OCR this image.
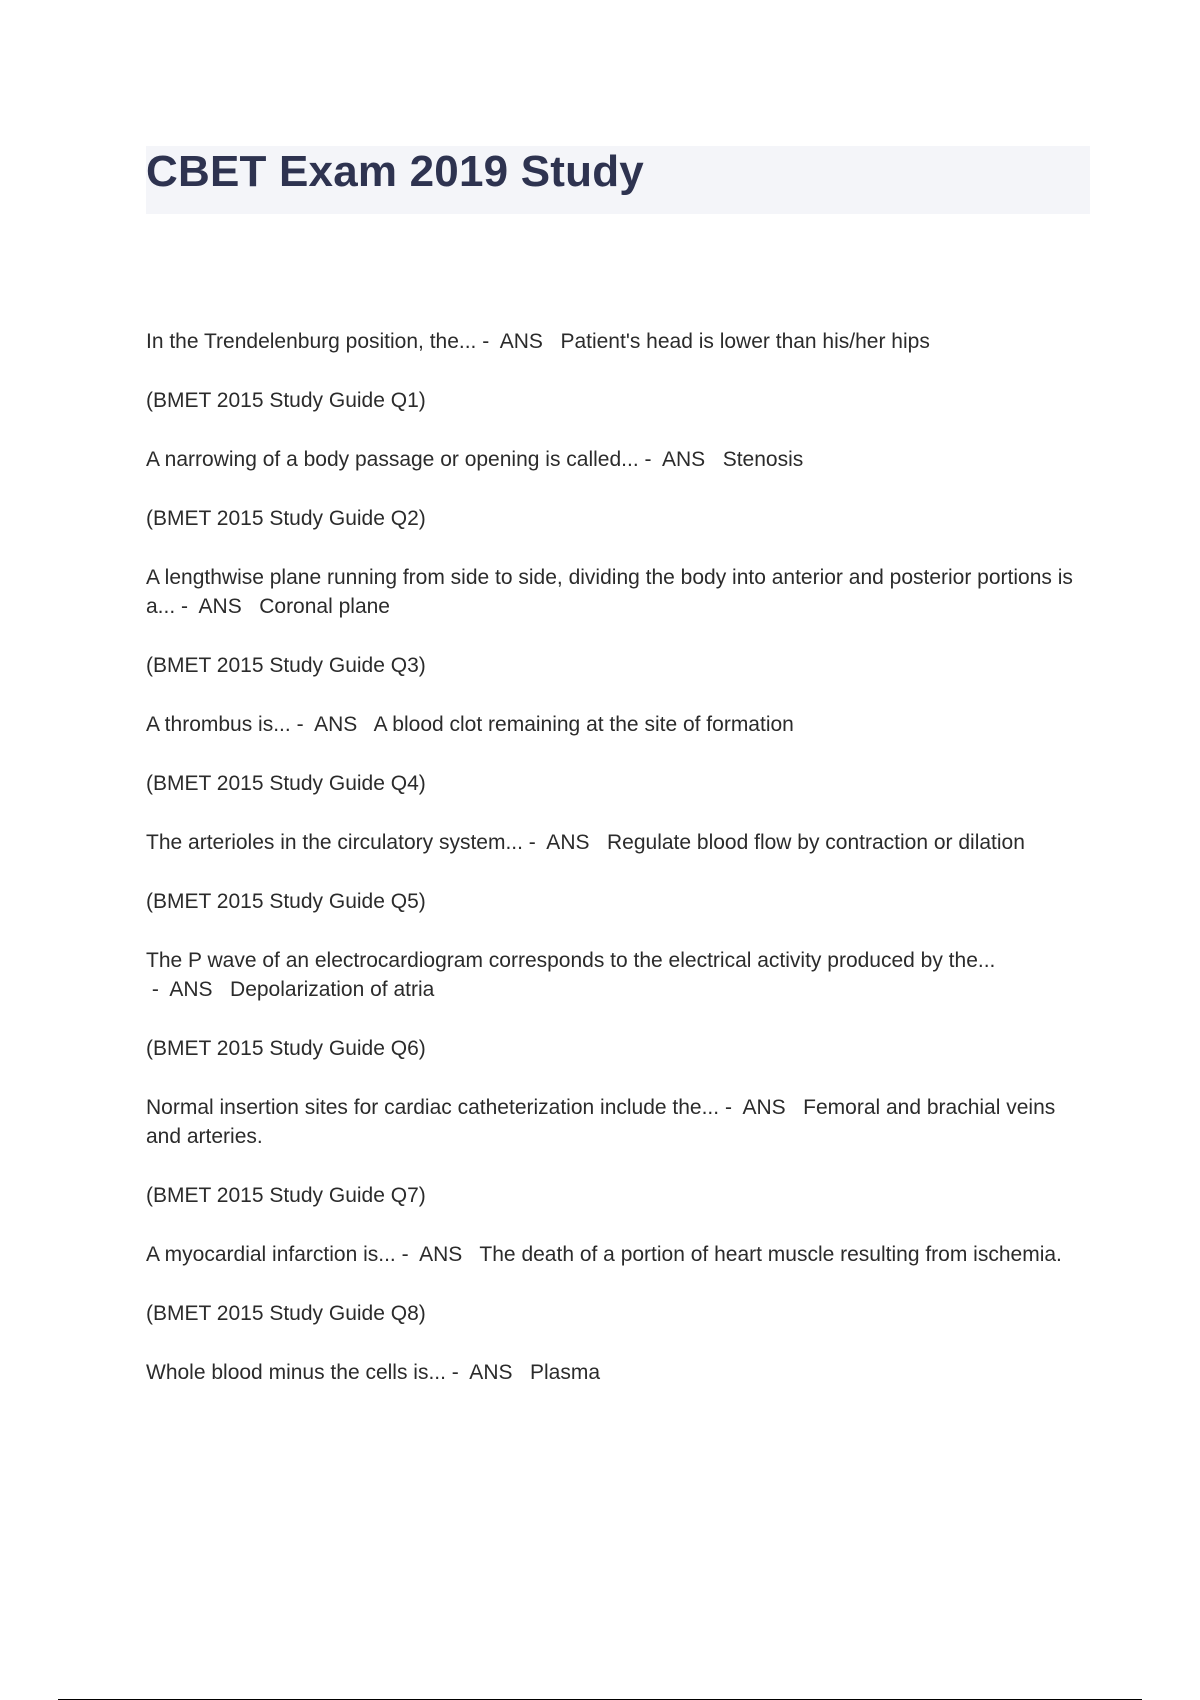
CBET Exam 2019 Study
In the Trendelenburg position, the... -  ANS   Patient's head is lower than his/her hips
(BMET 2015 Study Guide Q1)
A narrowing of a body passage or opening is called... -  ANS   Stenosis
(BMET 2015 Study Guide Q2)
A lengthwise plane running from side to side, dividing the body into anterior and posterior portions is a... -  ANS   Coronal plane
(BMET 2015 Study Guide Q3)
A thrombus is... -  ANS   A blood clot remaining at the site of formation
(BMET 2015 Study Guide Q4)
The arterioles in the circulatory system... -  ANS   Regulate blood flow by contraction or dilation
(BMET 2015 Study Guide Q5)
The P wave of an electrocardiogram corresponds to the electrical activity produced by the... -  ANS   Depolarization of atria
(BMET 2015 Study Guide Q6)
Normal insertion sites for cardiac catheterization include the... -  ANS   Femoral and brachial veins and arteries.
(BMET 2015 Study Guide Q7)
A myocardial infarction is... -  ANS   The death of a portion of heart muscle resulting from ischemia.
(BMET 2015 Study Guide Q8)
Whole blood minus the cells is... -  ANS   Plasma
